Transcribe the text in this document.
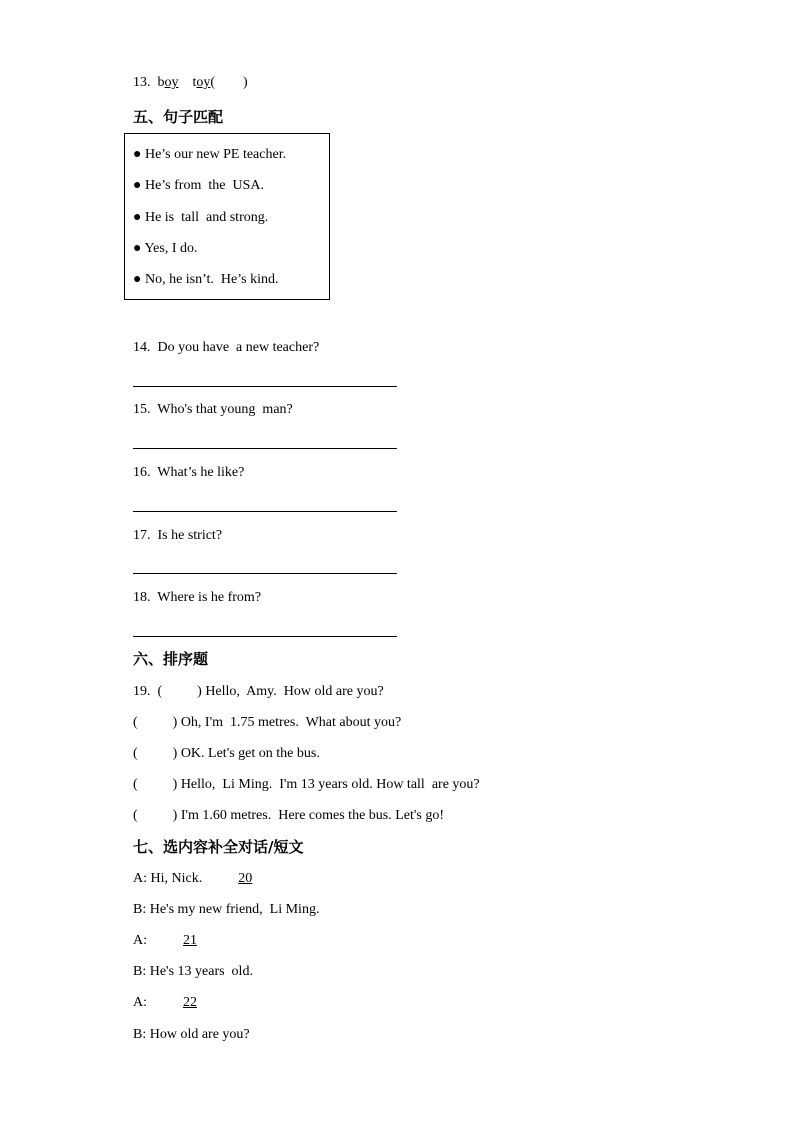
13. boy toy(        )
五、句子匹配
● He’s our new PE teacher.
● He’s from  the  USA.
● He is  tall  and strong.
● Yes, I do.
● No, he isn’t.  He’s kind.
14.  Do you have  a new teacher?
15.  Who's that young  man?
16.  What’s he like?
17.  Is he strict?
18.  Where is he from?
六、排序题
19.  (          ) Hello,  Amy.  How old are you?
(          ) Oh, I'm  1.75 metres.  What about you?
(          ) OK. Let's get on the bus.
(          ) Hello,  Li Ming.  I'm 13 years old. How tall  are you?
(          ) I'm 1.60 metres.  Here comes the bus. Let's go!
七、选内容补全对话/短文
A: Hi, Nick. 20
B: He's my new friend,  Li Ming.
A: 21
B: He's 13 years  old.
A: 22
B: How old are you?
